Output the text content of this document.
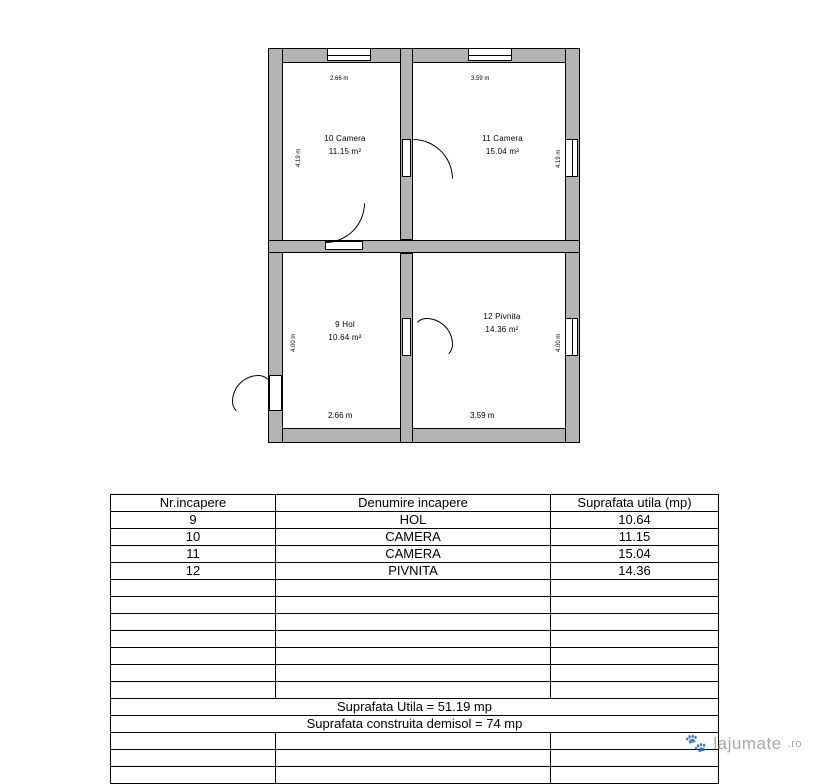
10 Camera
11.15 m²
11 Camera
15.04 m²
9 Hol
10.64 m²
12 Pivnita
14.36 m²
2.66 m	3.59 m
2.66 m	3.59 m
4.19 m
4.00 m
4.19 m
4.00 m
Nr.incapere	Denumire incapere	Suprafata utila (mp)
9	HOL	10.64
10	CAMERA	11.15
11	CAMERA	15.04
12	PIVNITA	14.36

Suprafata Utila = 51.19 mp		
Suprafata construita demisol = 74 mp		

🐾 lajumate .ro
